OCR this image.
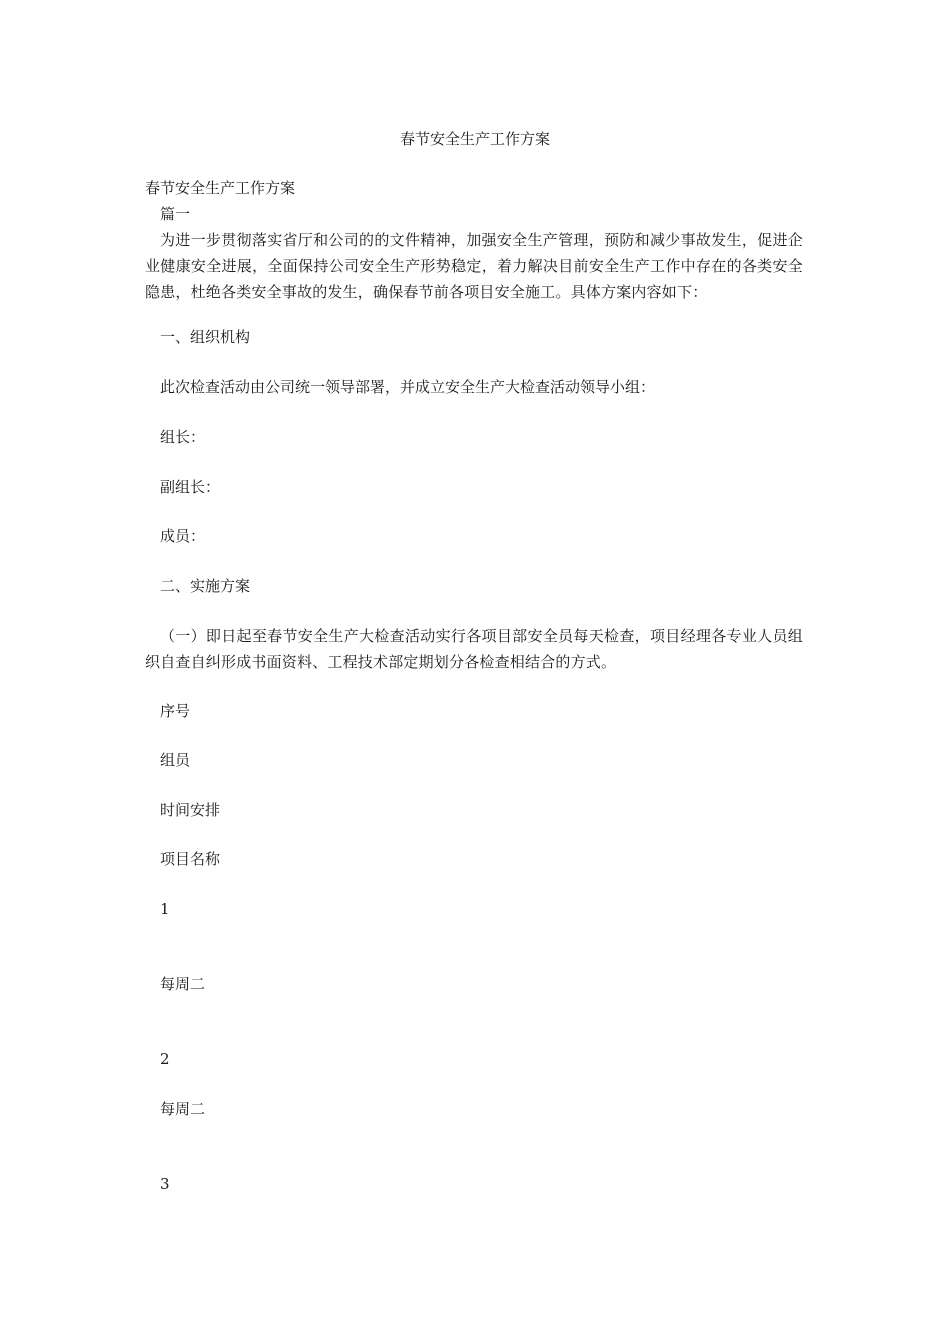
春节安全生产工作方案
春节安全生产工作方案
篇一
为进一步贯彻落实省厅和公司的的文件精神，加强安全生产管理，预防和减少事故发生，促进企业健康安全进展，全面保持公司安全生产形势稳定，着力解决目前安全生产工作中存在的各类安全隐患，杜绝各类安全事故的发生，确保春节前各项目安全施工。具体方案内容如下：
一、组织机构
此次检查活动由公司统一领导部署，并成立安全生产大检查活动领导小组：
组长：
副组长：
成员：
二、实施方案
（一）即日起至春节安全生产大检查活动实行各项目部安全员每天检查，项目经理各专业人员组织自查自纠形成书面资料、工程技术部定期划分各检查相结合的方式。
序号
组员
时间安排
项目名称
1
每周二
2
每周二
3
